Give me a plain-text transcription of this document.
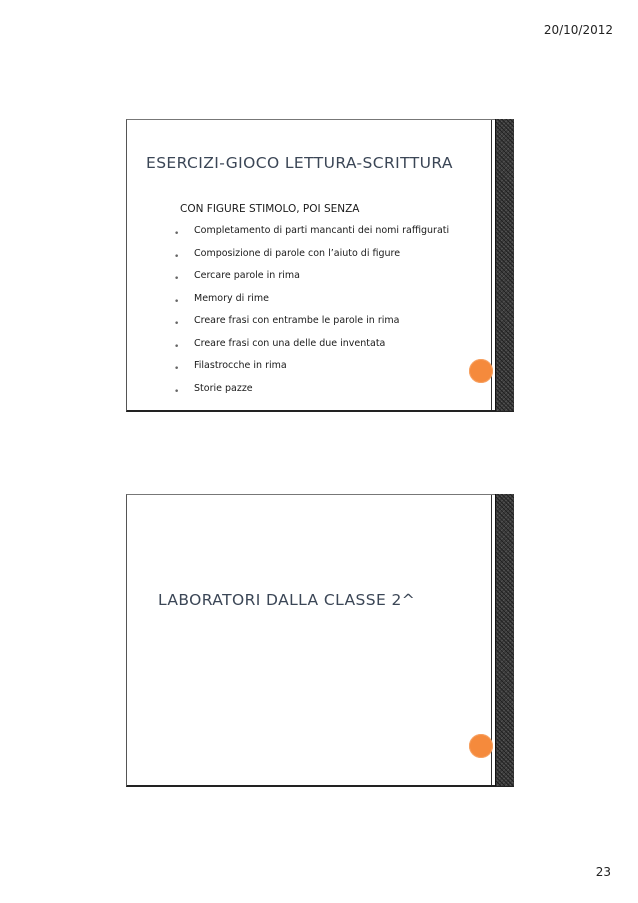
20/10/2012
ESERCIZI-GIOCO LETTURA-SCRITTURA
CON FIGURE STIMOLO, POI SENZA
• Completamento di parti mancanti dei nomi raffigurati
• Composizione di parole con l’aiuto di figure
• Cercare parole in rima
• Memory di rime
• Creare frasi con entrambe le parole in rima
• Creare frasi con una delle due inventata
• Filastrocche in rima
• Storie pazze
LABORATORI DALLA CLASSE 2^
23
